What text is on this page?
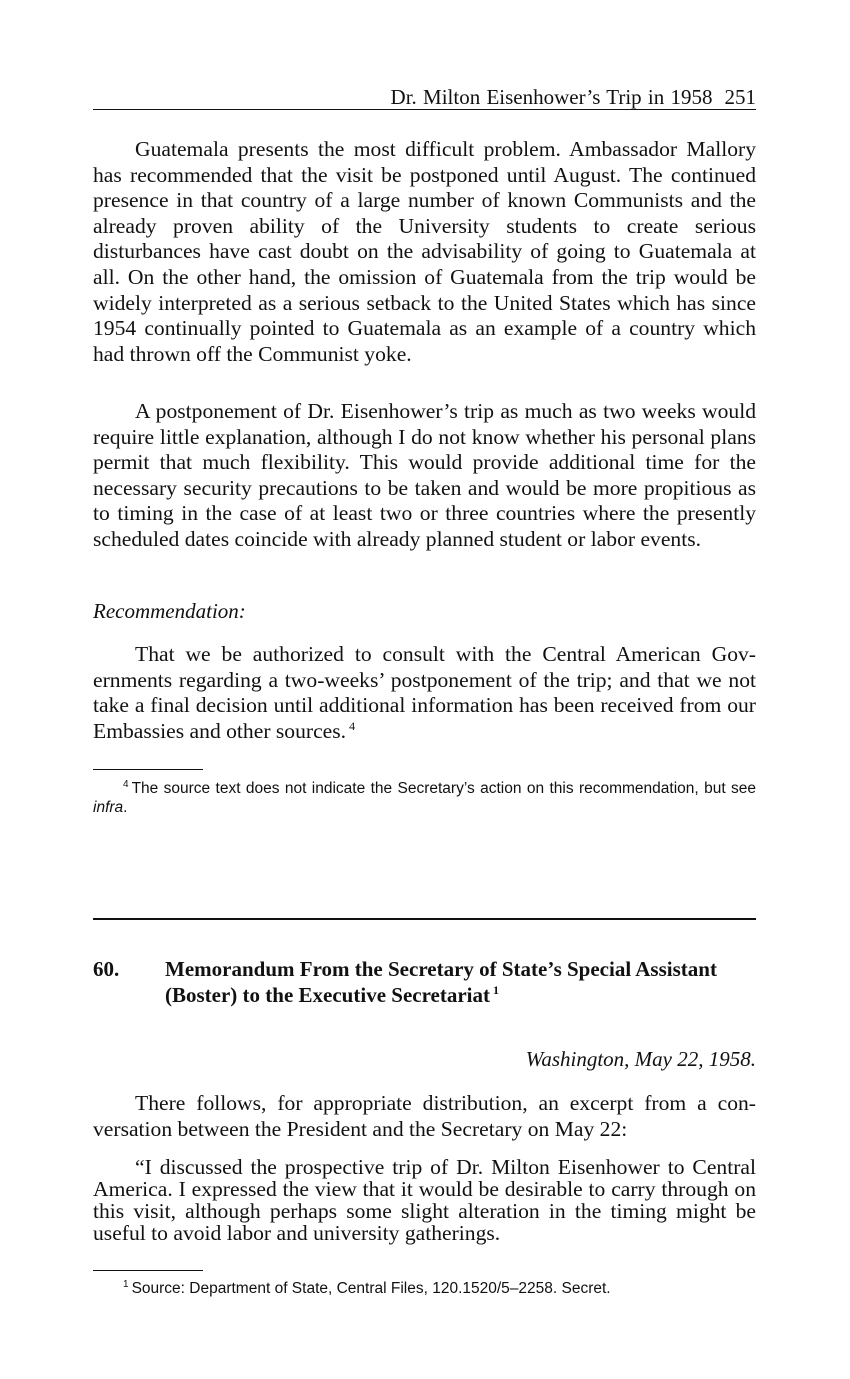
Dr. Milton Eisenhower’s Trip in 1958 251

Guatemala presents the most difficult problem. Ambassador Mallory has recommended that the visit be postponed until August. The continued presence in that country of a large number of known Communists and the already proven ability of the University students to create serious disturbances have cast doubt on the advisability of going to Guatemala at all. On the other hand, the omission of Guatemala from the trip would be widely interpreted as a serious setback to the United States which has since 1954 continually pointed to Guatemala as an example of a country which had thrown off the Communist yoke.

A postponement of Dr. Eisenhower’s trip as much as two weeks would require little explanation, although I do not know whether his personal plans permit that much flexibility. This would provide additional time for the necessary security precautions to be taken and would be more propitious as to timing in the case of at least two or three countries where the presently scheduled dates coincide with already planned student or labor events.

Recommendation:

That we be authorized to consult with the Central American Governments regarding a two-weeks’ postponement of the trip; and that we not take a final decision until additional information has been received from our Embassies and other sources. $^4$

$^4$ The source text does not indicate the Secretary’s action on this recommendation, but see infra.

60. Memorandum From the Secretary of State’s Special Assistant (Boster) to the Executive Secretariat $^1$
Washington, May 22, 1958.

There follows, for appropriate distribution, an excerpt from a conversation between the President and the Secretary on May 22:

“I discussed the prospective trip of Dr. Milton Eisenhower to Central America. I expressed the view that it would be desirable to carry through on this visit, although perhaps some slight alteration in the timing might be useful to avoid labor and university gatherings.

$^1$ Source: Department of State, Central Files, 120.1520/5–2258. Secret.
